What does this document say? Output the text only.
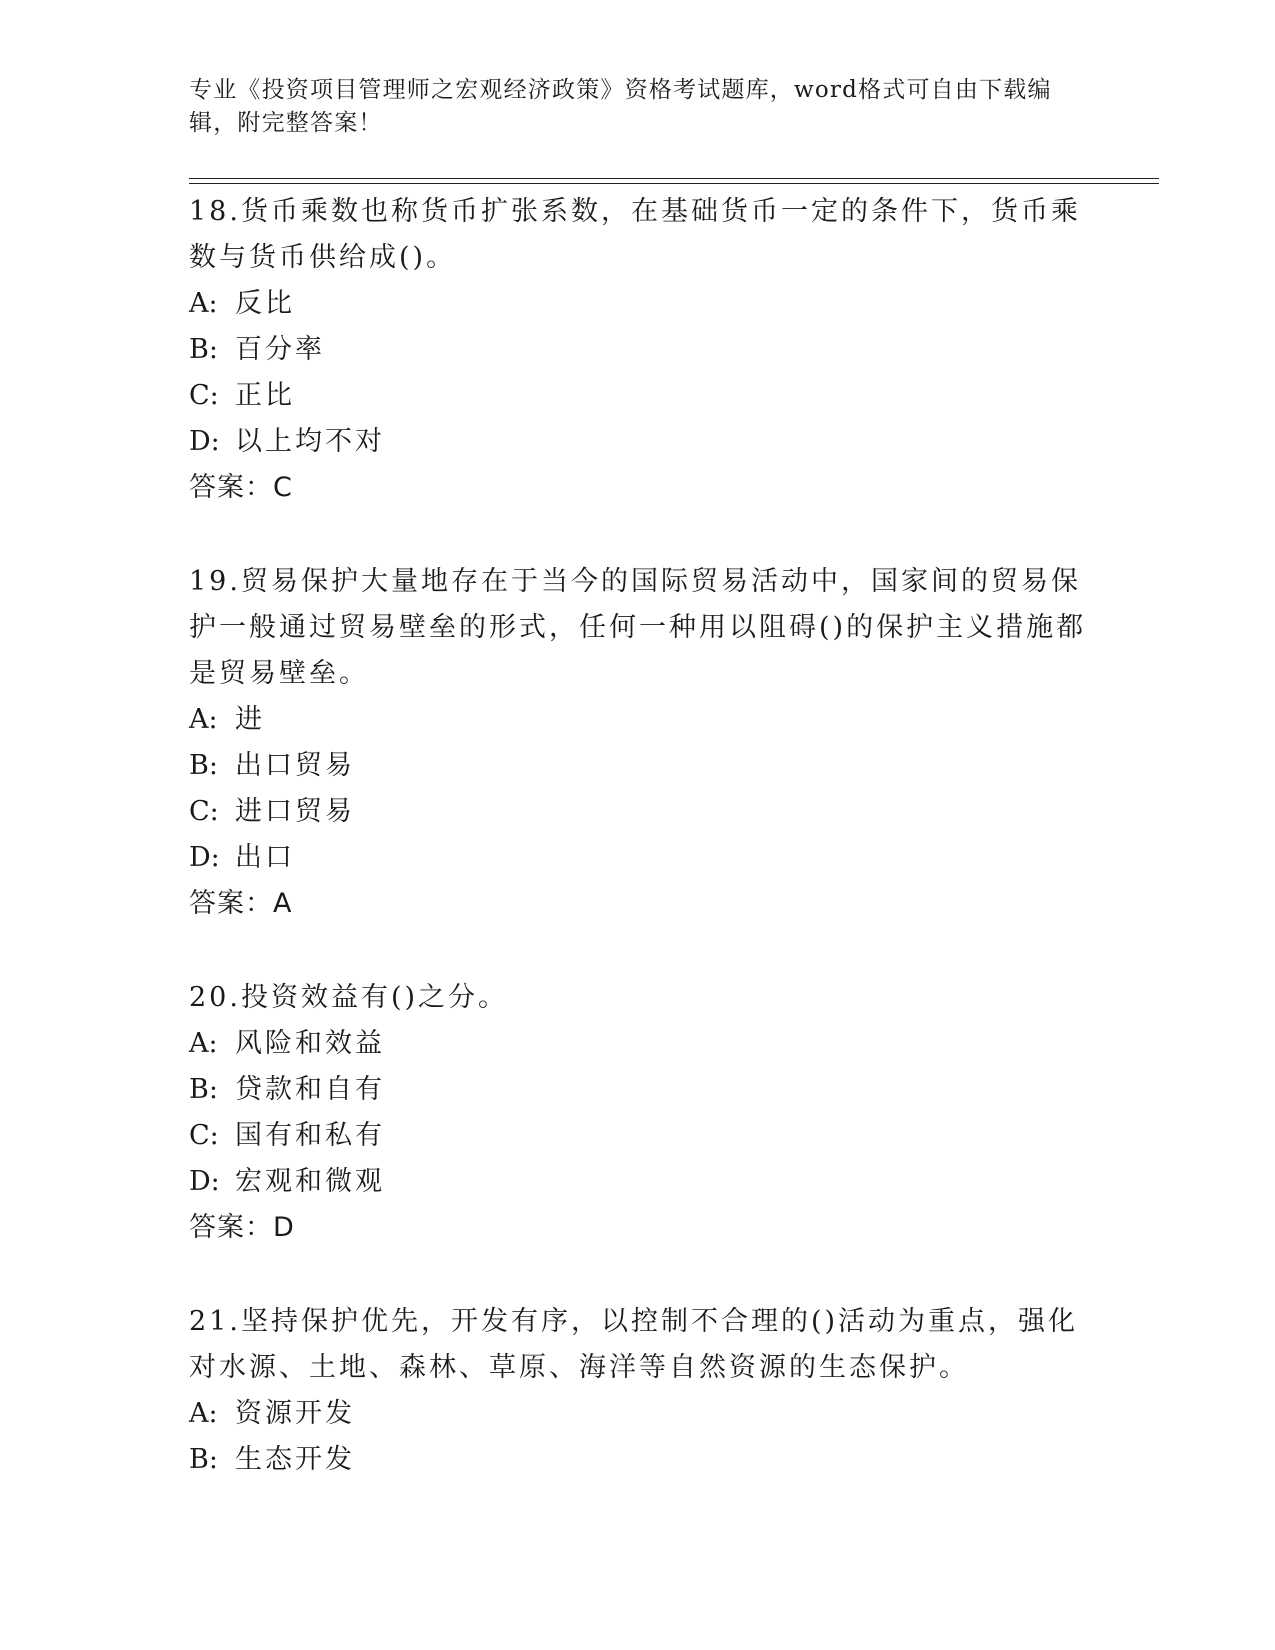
专业《投资项目管理师之宏观经济政策》资格考试题库，word格式可自由下载编辑，附完整答案！

18.货币乘数也称货币扩张系数，在基础货币一定的条件下，货币乘数与货币供给成()。

A: 反比

B: 百分率

C: 正比

D: 以上均不对

答案：C

19.贸易保护大量地存在于当今的国际贸易活动中，国家间的贸易保护一般通过贸易壁垒的形式，任何一种用以阻碍()的保护主义措施都是贸易壁垒。

A: 进

B: 出口贸易

C: 进口贸易

D: 出口

答案：A

20.投资效益有()之分。

A: 风险和效益

B: 贷款和自有

C: 国有和私有

D: 宏观和微观

答案：D

21.坚持保护优先，开发有序，以控制不合理的()活动为重点，强化对水源、土地、森林、草原、海洋等自然资源的生态保护。

A: 资源开发

B: 生态开发
